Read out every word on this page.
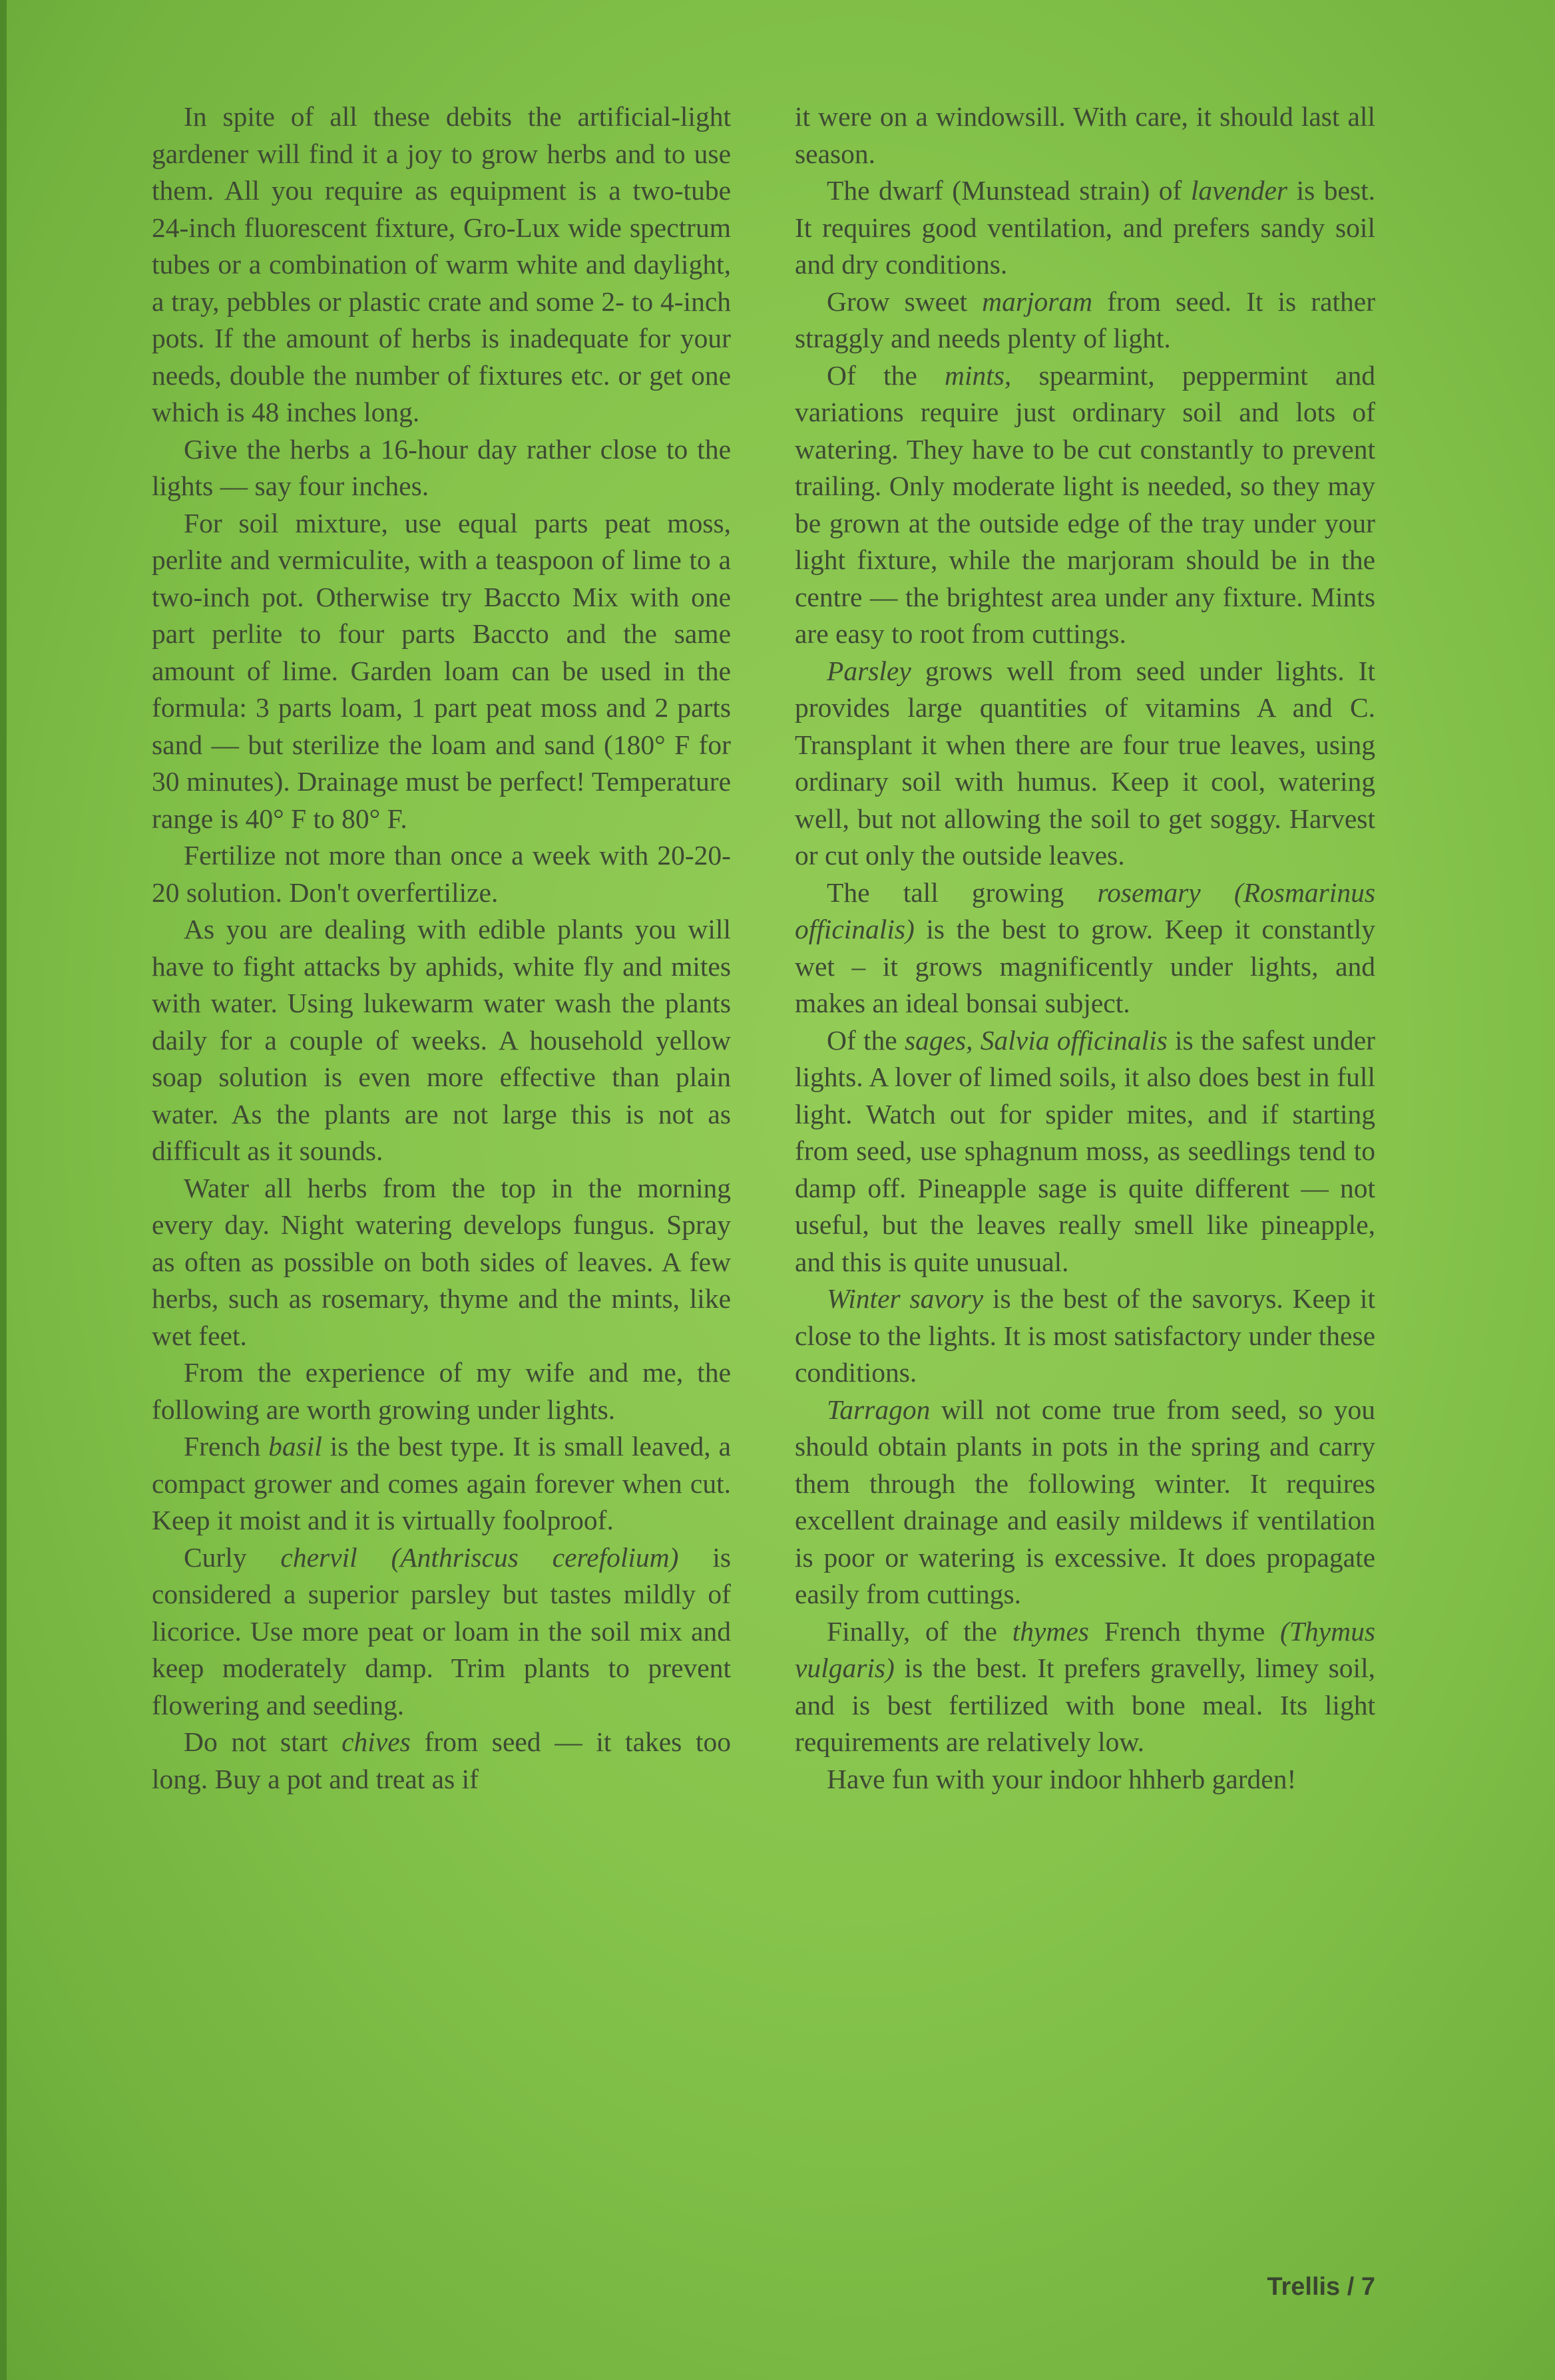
In spite of all these debits the artificial-light gardener will find it a joy to grow herbs and to use them. All you require as equipment is a two-tube 24-inch fluorescent fixture, Gro-Lux wide spectrum tubes or a combination of warm white and daylight, a tray, pebbles or plastic crate and some 2- to 4-inch pots. If the amount of herbs is inadequate for your needs, double the number of fixtures etc. or get one which is 48 inches long.

Give the herbs a 16-hour day rather close to the lights — say four inches.

For soil mixture, use equal parts peat moss, perlite and vermiculite, with a teaspoon of lime to a two-inch pot. Otherwise try Baccto Mix with one part perlite to four parts Baccto and the same amount of lime. Garden loam can be used in the formula: 3 parts loam, 1 part peat moss and 2 parts sand — but sterilize the loam and sand (180° F for 30 minutes). Drainage must be perfect! Temperature range is 40° F to 80° F.

Fertilize not more than once a week with 20-20-20 solution. Don't overfertilize.

As you are dealing with edible plants you will have to fight attacks by aphids, white fly and mites with water. Using lukewarm water wash the plants daily for a couple of weeks. A household yellow soap solution is even more effective than plain water. As the plants are not large this is not as difficult as it sounds.

Water all herbs from the top in the morning every day. Night watering develops fungus. Spray as often as possible on both sides of leaves. A few herbs, such as rosemary, thyme and the mints, like wet feet.

From the experience of my wife and me, the following are worth growing under lights.

French basil is the best type. It is small leaved, a compact grower and comes again forever when cut. Keep it moist and it is virtually foolproof.

Curly chervil (Anthriscus cerefolium) is considered a superior parsley but tastes mildly of licorice. Use more peat or loam in the soil mix and keep moderately damp. Trim plants to prevent flowering and seeding.

Do not start chives from seed — it takes too long. Buy a pot and treat as if

it were on a windowsill. With care, it should last all season.

The dwarf (Munstead strain) of lavender is best. It requires good ventilation, and prefers sandy soil and dry conditions.

Grow sweet marjoram from seed. It is rather straggly and needs plenty of light.

Of the mints, spearmint, peppermint and variations require just ordinary soil and lots of watering. They have to be cut constantly to prevent trailing. Only moderate light is needed, so they may be grown at the outside edge of the tray under your light fixture, while the marjoram should be in the centre — the brightest area under any fixture. Mints are easy to root from cuttings.

Parsley grows well from seed under lights. It provides large quantities of vitamins A and C. Transplant it when there are four true leaves, using ordinary soil with humus. Keep it cool, watering well, but not allowing the soil to get soggy. Harvest or cut only the outside leaves.

The tall growing rosemary (Rosmarinus officinalis) is the best to grow. Keep it constantly wet – it grows magnificently under lights, and makes an ideal bonsai subject.

Of the sages, Salvia officinalis is the safest under lights. A lover of limed soils, it also does best in full light. Watch out for spider mites, and if starting from seed, use sphagnum moss, as seedlings tend to damp off. Pineapple sage is quite different — not useful, but the leaves really smell like pineapple, and this is quite unusual.

Winter savory is the best of the savorys. Keep it close to the lights. It is most satisfactory under these conditions.

Tarragon will not come true from seed, so you should obtain plants in pots in the spring and carry them through the following winter. It requires excellent drainage and easily mildews if ventilation is poor or watering is excessive. It does propagate easily from cuttings.

Finally, of the thymes French thyme (Thymus vulgaris) is the best. It prefers gravelly, limey soil, and is best fertilized with bone meal. Its light requirements are relatively low.

Have fun with your indoor hhherb garden!

Trellis / 7
